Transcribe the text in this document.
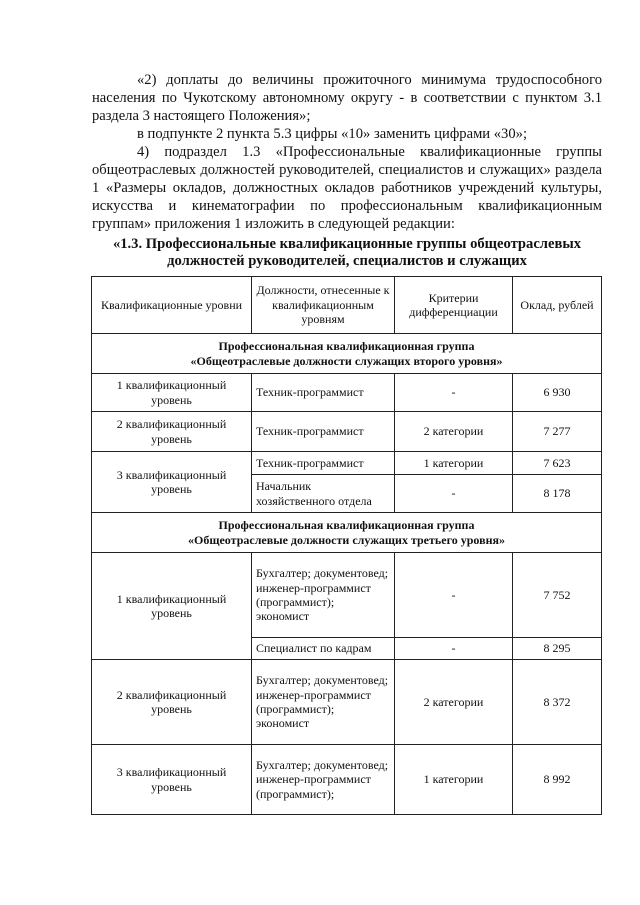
«2) доплаты до величины прожиточного минимума трудоспособного населения по Чукотскому автономному округу - в соответствии с пунктом 3.1 раздела 3 настоящего Положения»;

в подпункте 2 пункта 5.3 цифры «10» заменить цифрами «30»;

4) подраздел 1.3 «Профессиональные квалификационные группы общеотраслевых должностей руководителей, специалистов и служащих» раздела 1 «Размеры окладов, должностных окладов работников учреждений культуры, искусства и кинематографии по профессиональным квалификационным группам» приложения 1 изложить в следующей редакции:

«1.3. Профессиональные квалификационные группы общеотраслевых
должностей руководителей, специалистов и служащих
Квалификационные уровни	Должности, отнесенные к квалификационным уровням	Критерии дифференциации	Оклад, рублей

Профессиональная квалификационная группа
«Общеотраслевые должности служащих второго уровня»			

1 квалификационный уровень	Техник-программист	-	6 930
2 квалификационный уровень	Техник-программист	2 категории	7 277
3 квалификационный уровень	Техник-программист	1 категории	7 623
	Начальник хозяйственного отдела	-	8 178

Профессиональная квалификационная группа
«Общеотраслевые должности служащих третьего уровня»			

1 квалификационный уровень	Бухгалтер; документовед; инженер-программист (программист); экономист	-	7 752
	Специалист по кадрам	-	8 295
2 квалификационный уровень	Бухгалтер; документовед; инженер-программист (программист); экономист	2 категории	8 372
3 квалификационный уровень	Бухгалтер; документовед; инженер-программист (программист);	1 категории	8 992
